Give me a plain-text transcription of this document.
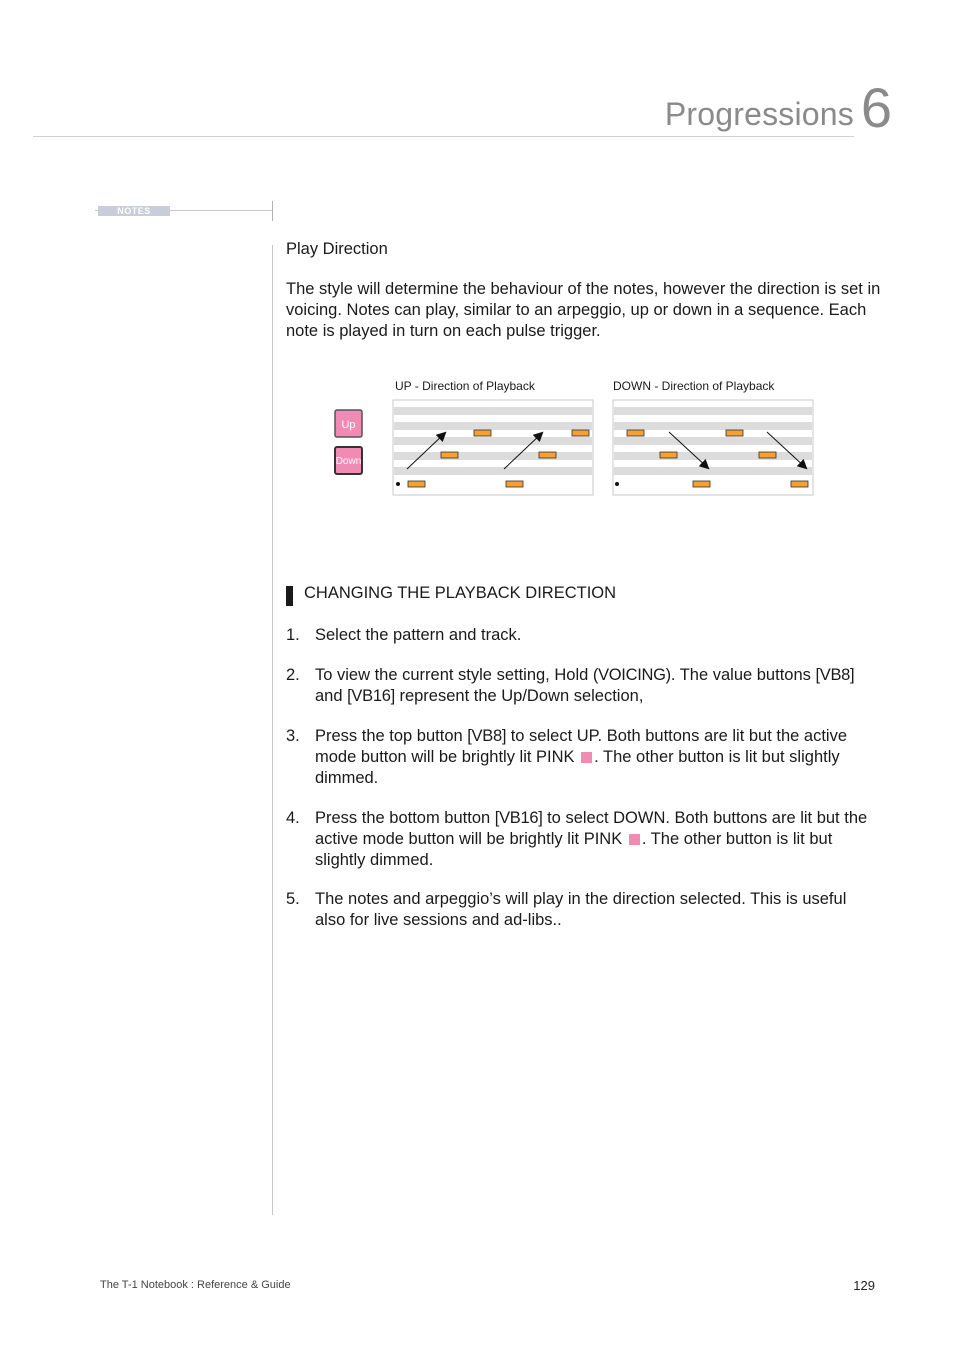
Progressions 6
NOTES
Play Direction
The style will determine the behaviour of the notes, however the direction is set in voicing. Notes can play, similar to an arpeggio, up or down in a sequence. Each note is played in turn on each pulse trigger.
Up
Down
UP - Direction of Playback	DOWN - Direction of Playback
CHANGING THE PLAYBACK DIRECTION
1. Select the pattern and track.
2. To view the current style setting, Hold (VOICING). The value buttons [VB8] and [VB16] represent the Up/Down selection,
3. Press the top button [VB8] to select UP. Both buttons are lit but the active mode button will be brightly lit PINK . The other button is lit but slightly dimmed.
4. Press the bottom button [VB16] to select DOWN. Both buttons are lit but the active mode button will be brightly lit PINK . The other button is lit but slightly dimmed.
5. The notes and arpeggio’s will play in the direction selected. This is useful also for live sessions and ad-libs..
The T-1 Notebook : Reference & Guide	129
